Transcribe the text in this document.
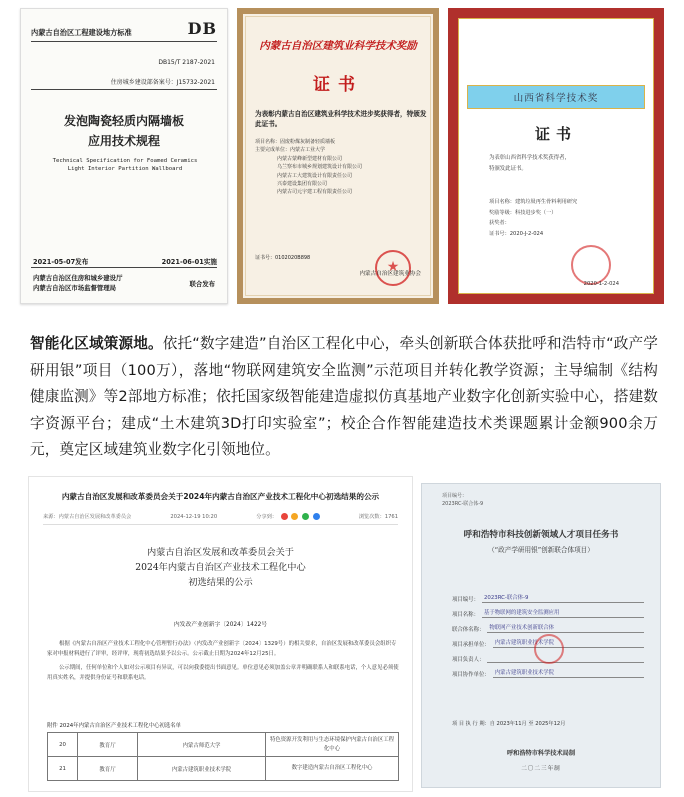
内蒙古自治区工程建设地方标准	DB
DB15/T 2187-2021
住房城乡建设部备案号：J15732-2021
发泡陶瓷轻质内隔墙板
应用技术规程
Technical Specification for Foamed Ceramics
Light Interior Partition Wallboard
2021-05-07发布	2021-06-01实施
内蒙古自治区住房和城乡建设厅
内蒙古自治区市场监督管理局	联合发布
内蒙古自治区建筑业科学技术奖励
证书
为表彰内蒙古自治区建筑业科学技术进步奖获得者，特颁发此证书。
项目名称：固废粉煤灰制备轻质墙板
主要完成单位：内蒙古工业大学
内蒙古蒙峰新型建材有限公司
乌兰察布市城乡规划建筑设计有限公司
内蒙古工大建筑设计有限责任公司
兴泰建设集团有限公司
内蒙古司元宇建工程有限责任公司
证书号：0102020B898
★
内蒙古自治区建筑业协会
山西省科学技术奖
证书
为表彰山西省科学技术奖获得者，
特颁发此证书。
项目名称：建筑垃圾再生骨料利用研究
奖励等级：科技进步奖（一）
获奖者：
证书号：2020-J-2-024
2020-1-2-024
智能化区域策源地。依托“数字建造”自治区工程化中心，牵头创新联合体获批呼和浩特市“政产学研用银”项目（100万），落地“物联网建筑安全监测”示范项目并转化教学资源；主导编制《结构健康监测》等2部地方标准；依托国家级智能建造虚拟仿真基地产业数字化创新实验中心，搭建数字资源平台；建成“土木建筑3D打印实验室”；校企合作智能建造技术类课题累计金额900余万元，奠定区域建筑业数字化引领地位。
内蒙古自治区发展和改革委员会关于2024年内蒙古自治区产业技术工程化中心初选结果的公示
来源：内蒙古自治区发展和改革委员会	2024-12-19 10:20	分享到：	浏览次数：1761
内蒙古自治区发展和改革委员会关于
2024年内蒙古自治区产业技术工程化中心
初选结果的公示
内发改产业创新字〔2024〕1422号

根据《内蒙古自治区产业技术工程化中心管理暂行办法》（内发改产业创新字〔2024〕1329号）的相关要求，自治区发展和改革委员会组织专家对申报材料进行了评审，经评审，现将初选结果予以公示。公示截止日期为2024年12月25日。

公示期间，任何单位和个人如对公示项目有异议，可以向我委提出书面意见。单位意见必须加盖公章并明确联系人和联系电话，个人意见必须使用真实姓名，并提供身份证号和联系电话。

附件 2024年内蒙古自治区产业技术工程化中心初选名单
20	教育厅	内蒙古师范大学	特色资源开发利用与生态环境保护内蒙古自治区工程化中心
21	教育厅	内蒙古建筑职业技术学院	数字建造内蒙古自治区工程化中心
项目编号：
2023RC-联合体-9
呼和浩特市科技创新领域人才项目任务书
（“政产学研用银”创新联合体项目）
项目编号： 2023RC-联合体-9
项目名称： 基于物联网的建筑安全监测应用
联合体名称： 物联网产业技术创新联合体
项目承担单位： 内蒙古建筑职业技术学院
项目负责人：
项目协作单位： 内蒙古建筑职业技术学院
项 目 执 行 期：自 2023年11月 至 2025年12月
呼和浩特市科学技术局制
二〇二三年制
